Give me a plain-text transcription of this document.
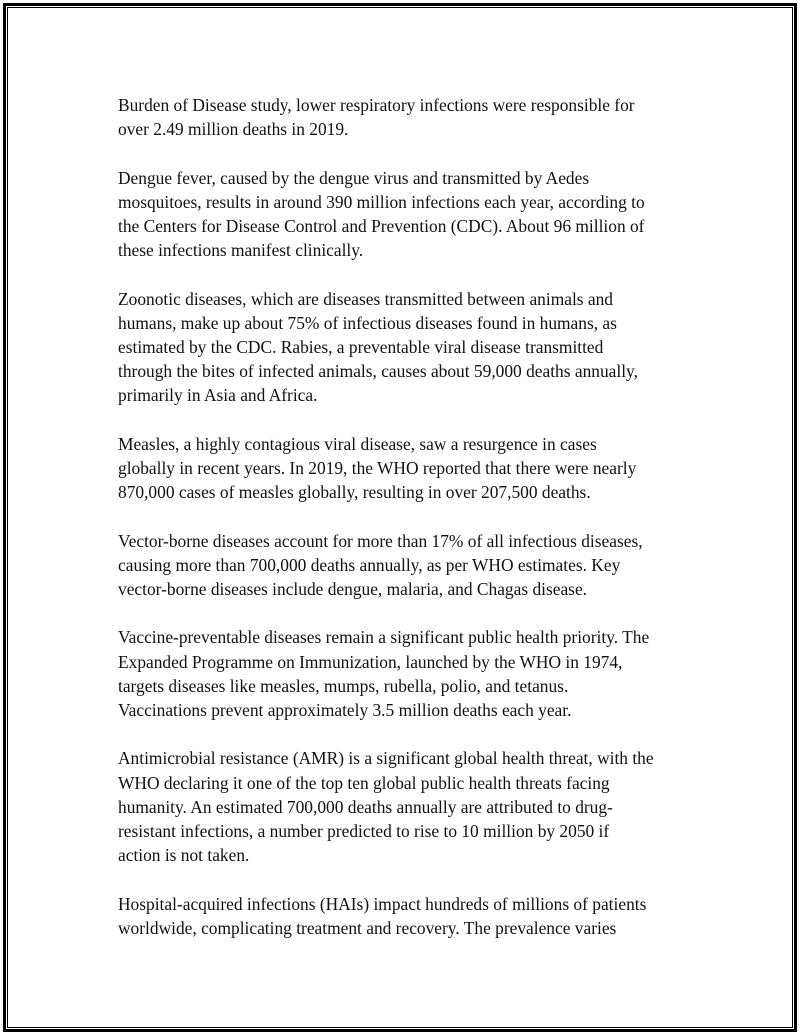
Burden of Disease study, lower respiratory infections were responsible for
over 2.49 million deaths in 2019.

Dengue fever, caused by the dengue virus and transmitted by Aedes
mosquitoes, results in around 390 million infections each year, according to
the Centers for Disease Control and Prevention (CDC). About 96 million of
these infections manifest clinically.

Zoonotic diseases, which are diseases transmitted between animals and
humans, make up about 75% of infectious diseases found in humans, as
estimated by the CDC. Rabies, a preventable viral disease transmitted
through the bites of infected animals, causes about 59,000 deaths annually,
primarily in Asia and Africa.

Measles, a highly contagious viral disease, saw a resurgence in cases
globally in recent years. In 2019, the WHO reported that there were nearly
870,000 cases of measles globally, resulting in over 207,500 deaths.

Vector-borne diseases account for more than 17% of all infectious diseases,
causing more than 700,000 deaths annually, as per WHO estimates. Key
vector-borne diseases include dengue, malaria, and Chagas disease.

Vaccine-preventable diseases remain a significant public health priority. The
Expanded Programme on Immunization, launched by the WHO in 1974,
targets diseases like measles, mumps, rubella, polio, and tetanus.
Vaccinations prevent approximately 3.5 million deaths each year.

Antimicrobial resistance (AMR) is a significant global health threat, with the
WHO declaring it one of the top ten global public health threats facing
humanity. An estimated 700,000 deaths annually are attributed to drug-
resistant infections, a number predicted to rise to 10 million by 2050 if
action is not taken.

Hospital-acquired infections (HAIs) impact hundreds of millions of patients
worldwide, complicating treatment and recovery. The prevalence varies
